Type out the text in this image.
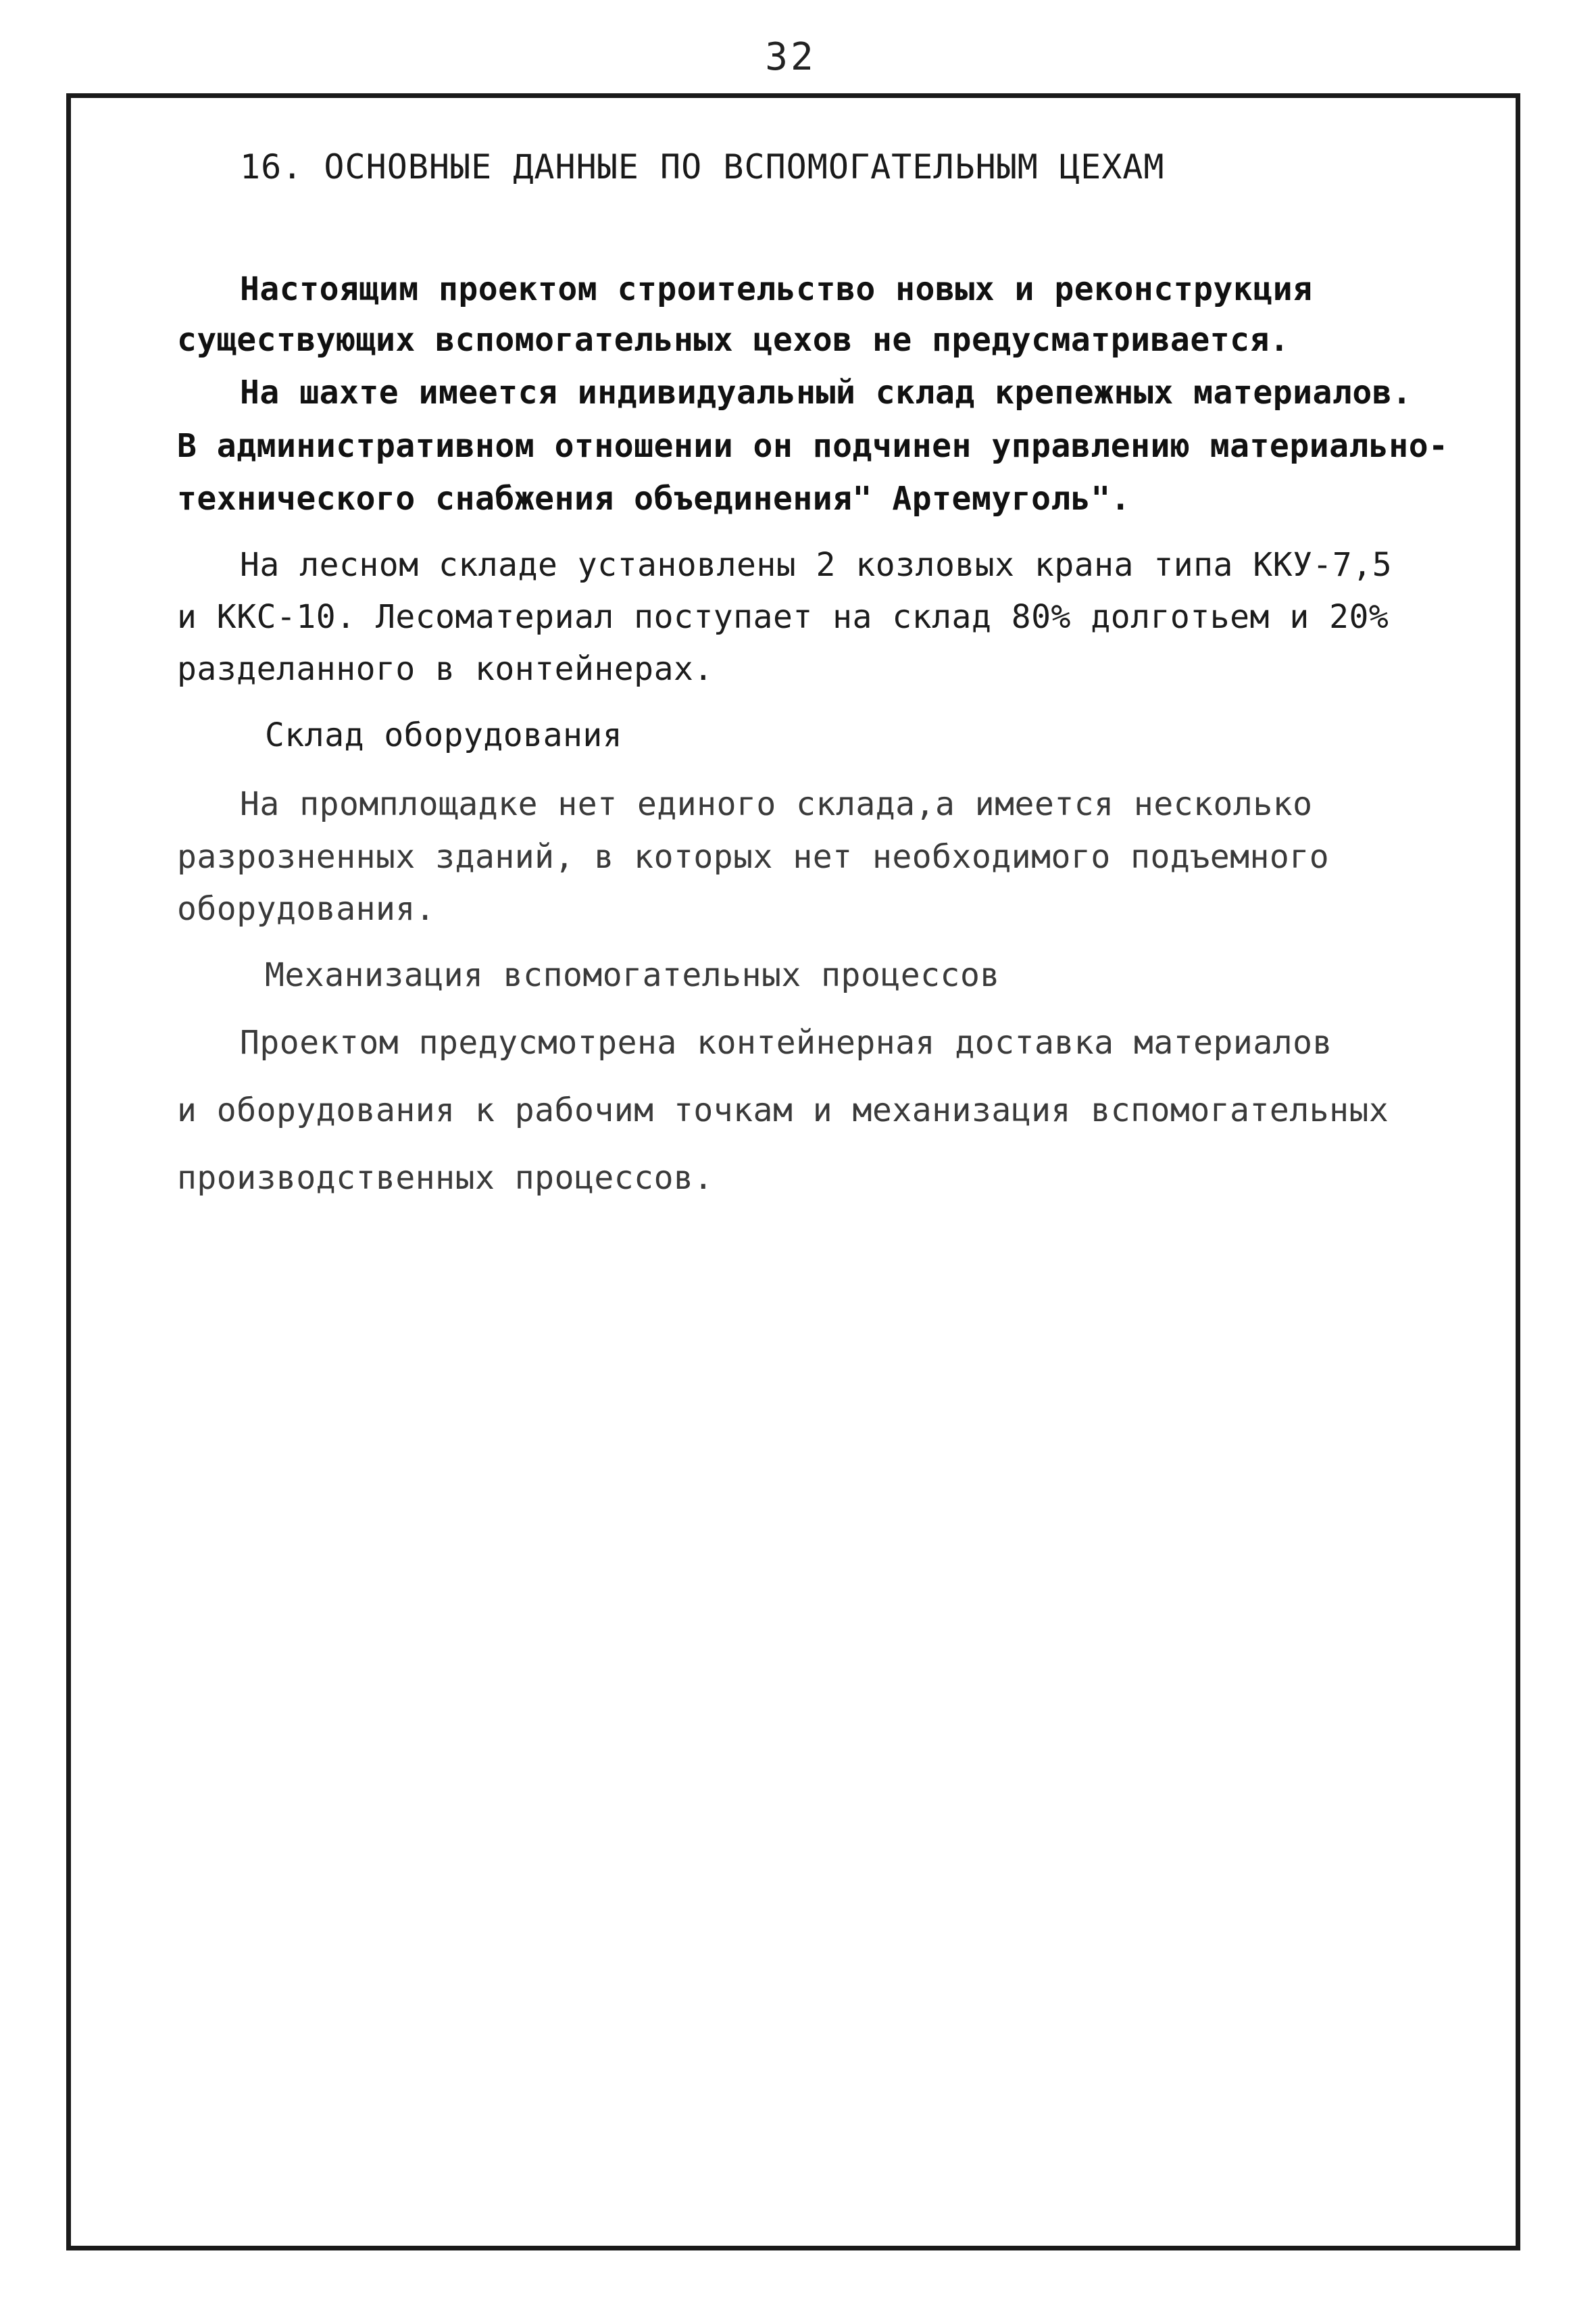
32
16. ОСНОВНЫЕ ДАННЫЕ ПО ВСПОМОГАТЕЛЬНЫМ ЦЕХАМ
Настоящим проектом строительство новых и реконструкция
существующих вспомогательных цехов не предусматривается.
На шахте имеется индивидуальный склад крепежных материалов.
В административном отношении он подчинен управлению материально-
технического снабжения объединения" Артемуголь".
На лесном складе установлены 2 козловых крана типа ККУ-7,5
и ККС-10. Лесоматериал поступает на склад 80% долготьем и 20%
разделанного в контейнерах.
Склад оборудования
На промплощадке нет единого склада,а имеется несколько
разрозненных зданий, в которых нет необходимого подъемного
оборудования.
Механизация вспомогательных процессов
Проектом предусмотрена контейнерная доставка материалов
и оборудования к рабочим точкам и механизация вспомогательных
производственных процессов.
